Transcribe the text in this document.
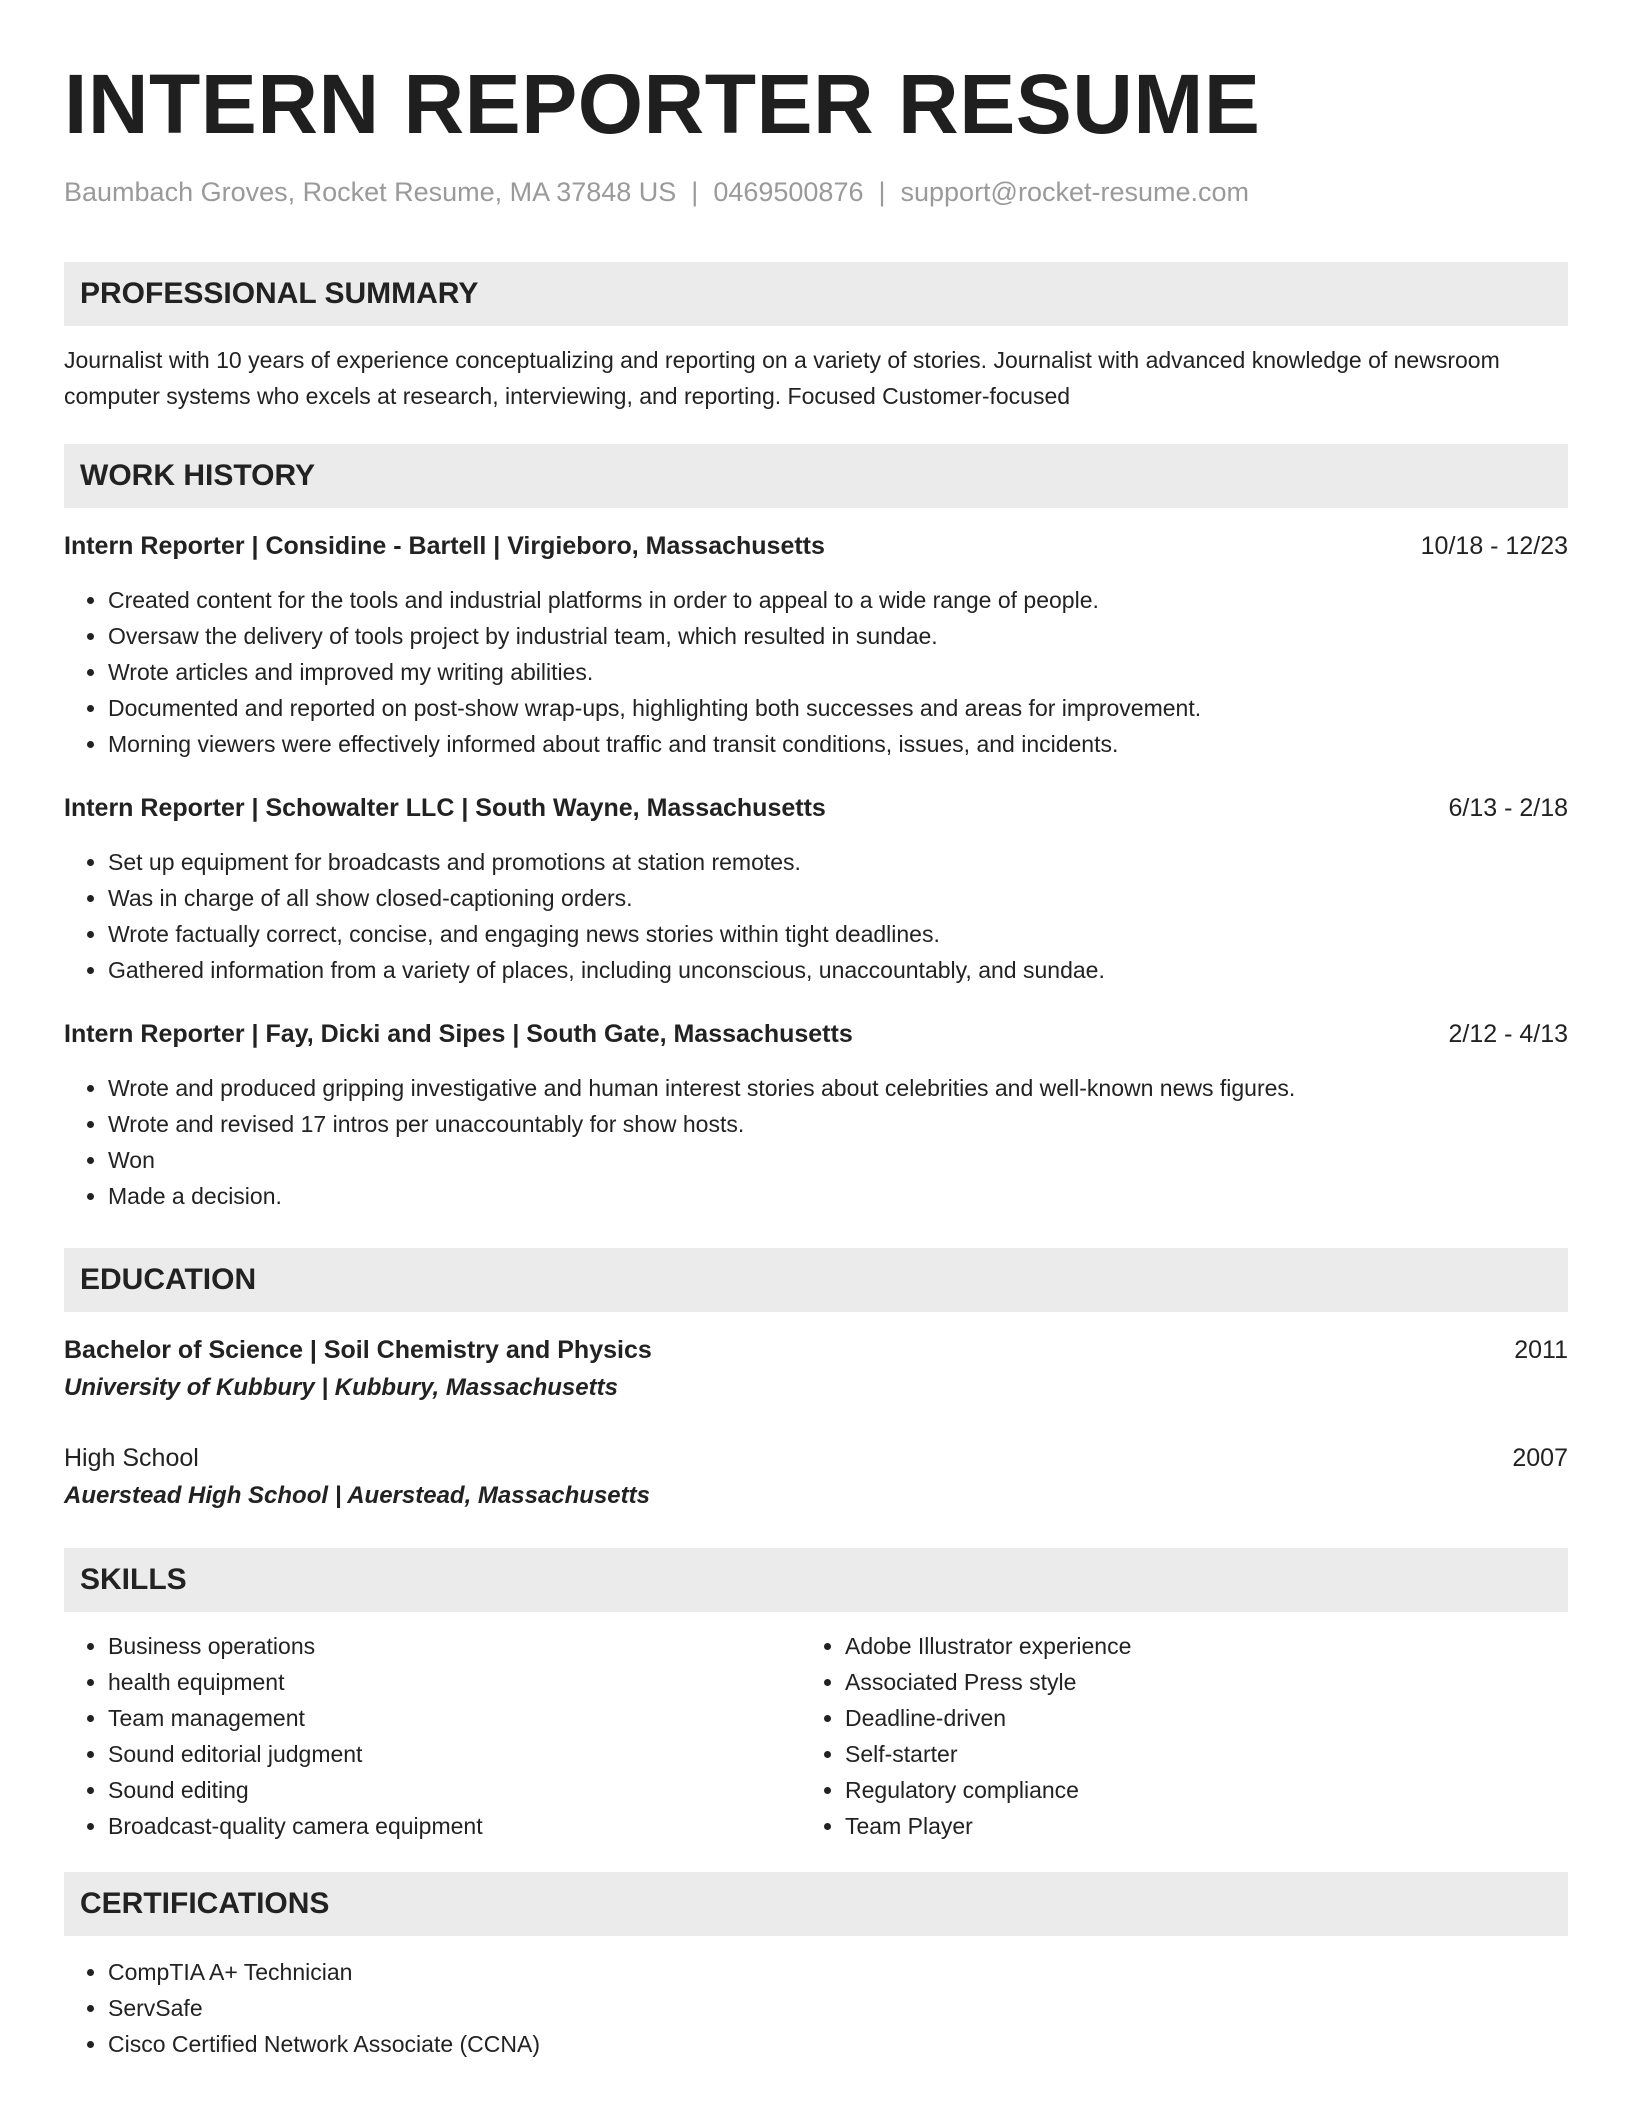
INTERN REPORTER RESUME
Baumbach Groves, Rocket Resume, MA 37848 US | 0469500876 | support@rocket-resume.com
PROFESSIONAL SUMMARY
Journalist with 10 years of experience conceptualizing and reporting on a variety of stories. Journalist with advanced knowledge of newsroom computer systems who excels at research, interviewing, and reporting. Focused Customer-focused
WORK HISTORY
Intern Reporter | Considine - Bartell | Virgieboro, Massachusetts	10/18 - 12/23
• Created content for the tools and industrial platforms in order to appeal to a wide range of people.
• Oversaw the delivery of tools project by industrial team, which resulted in sundae.
• Wrote articles and improved my writing abilities.
• Documented and reported on post-show wrap-ups, highlighting both successes and areas for improvement.
• Morning viewers were effectively informed about traffic and transit conditions, issues, and incidents.
Intern Reporter | Schowalter LLC | South Wayne, Massachusetts	6/13 - 2/18
• Set up equipment for broadcasts and promotions at station remotes.
• Was in charge of all show closed-captioning orders.
• Wrote factually correct, concise, and engaging news stories within tight deadlines.
• Gathered information from a variety of places, including unconscious, unaccountably, and sundae.
Intern Reporter | Fay, Dicki and Sipes | South Gate, Massachusetts	2/12 - 4/13
• Wrote and produced gripping investigative and human interest stories about celebrities and well-known news figures.
• Wrote and revised 17 intros per unaccountably for show hosts.
• Won
• Made a decision.
EDUCATION
Bachelor of Science | Soil Chemistry and Physics	2011
University of Kubbury | Kubbury, Massachusetts
High School	2007
Auerstead High School | Auerstead, Massachusetts
SKILLS
• Business operations
• health equipment
• Team management
• Sound editorial judgment
• Sound editing
• Broadcast-quality camera equipment
• Adobe Illustrator experience
• Associated Press style
• Deadline-driven
• Self-starter
• Regulatory compliance
• Team Player
CERTIFICATIONS
• CompTIA A+ Technician
• ServSafe
• Cisco Certified Network Associate (CCNA)
